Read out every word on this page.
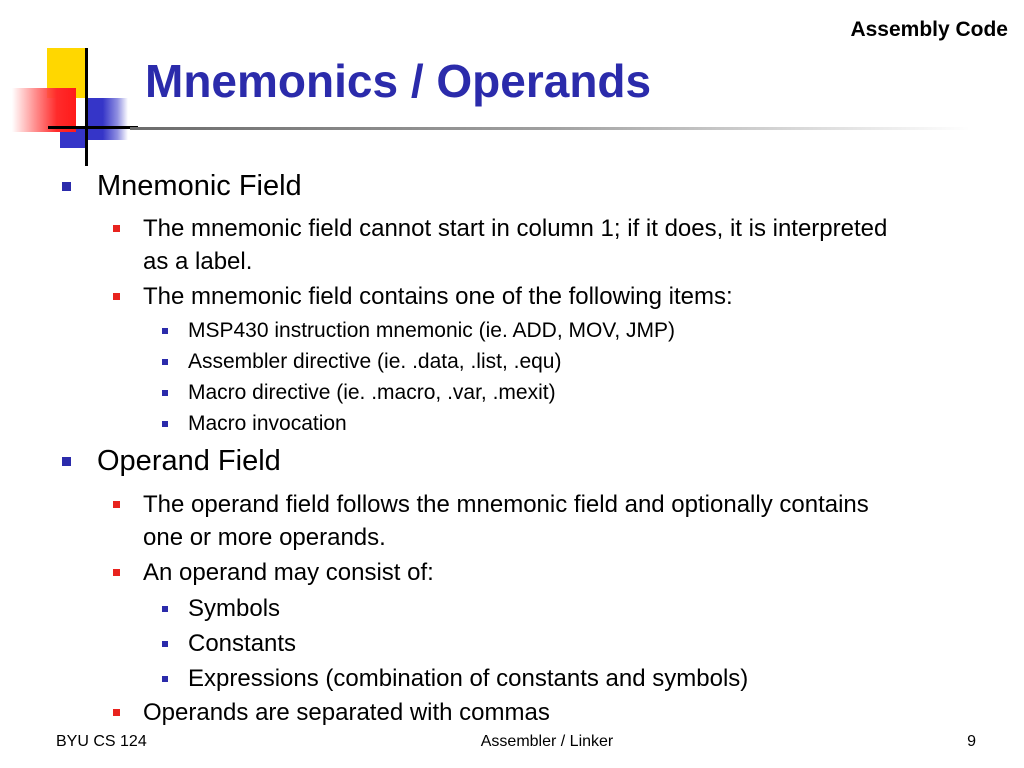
Assembly Code
Mnemonics / Operands
Mnemonic Field
The mnemonic field cannot start in column 1; if it does, it is interpreted as a label.
The mnemonic field contains one of the following items:
MSP430 instruction mnemonic (ie. ADD, MOV, JMP)
Assembler directive (ie. .data, .list, .equ)
Macro directive (ie. .macro, .var, .mexit)
Macro invocation
Operand Field
The operand field follows the mnemonic field and optionally contains one or more operands.
An operand may consist of:
Symbols
Constants
Expressions (combination of constants and symbols)
Operands are separated with commas
BYU CS 124	Assembler / Linker	9
